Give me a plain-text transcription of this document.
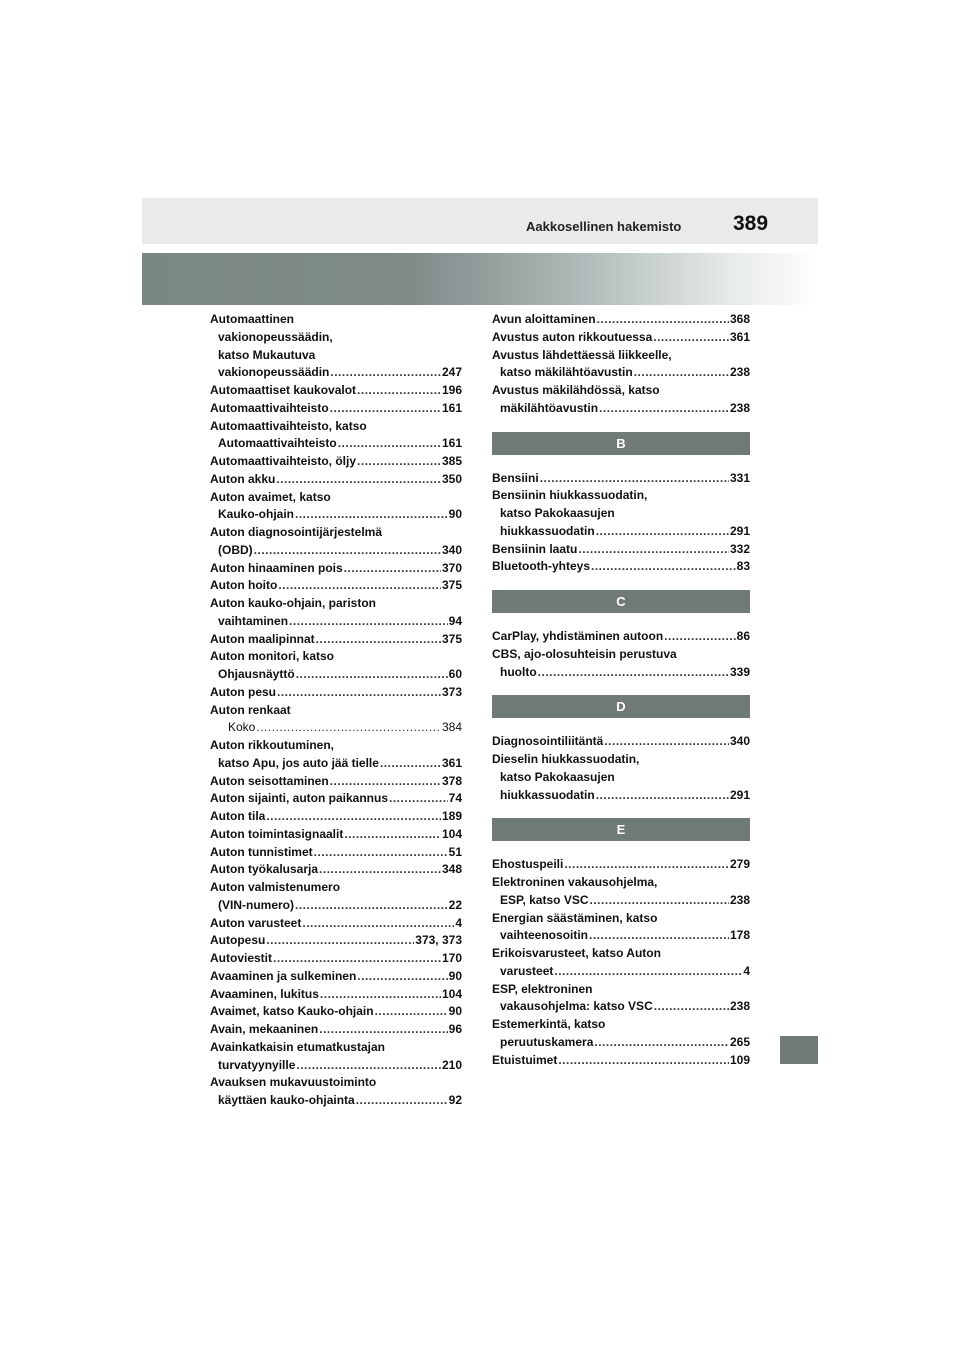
Aakkosellinen hakemisto 389
Automaattinen
vakionopeussäädin,
katso Mukautuva
vakionopeussäädin .....	247
Automaattiset kaukovalot .....	196
Automaattivaihteisto .....	161
Automaattivaihteisto, katso
Automaattivaihteisto .....	161
Automaattivaihteisto, öljy .....	385
Auton akku .....	350
Auton avaimet, katso
Kauko-ohjain .....	90
Auton diagnosointijärjestelmä
(OBD) .....	340
Auton hinaaminen pois .....	370
Auton hoito .....	375
Auton kauko-ohjain, pariston
vaihtaminen .....	94
Auton maalipinnat .....	375
Auton monitori, katso
Ohjausnäyttö .....	60
Auton pesu .....	373
Auton renkaat
Koko .....	384
Auton rikkoutuminen,
katso Apu, jos auto jää tielle .....	361
Auton seisottaminen .....	378
Auton sijainti, auton paikannus .....	74
Auton tila .....	189
Auton toimintasignaalit .....	104
Auton tunnistimet .....	51
Auton työkalusarja .....	348
Auton valmistenumero
(VIN-numero) .....	22
Auton varusteet .....	4
Autopesu .....	373, 373
Autoviestit .....	170
Avaaminen ja sulkeminen .....	90
Avaaminen, lukitus .....	104
Avaimet, katso Kauko-ohjain .....	90
Avain, mekaaninen .....	96
Avainkatkaisin etumatkustajan
turvatyynyille .....	210
Avauksen mukavuustoiminto
käyttäen kauko-ohjainta .....	92
Avun aloittaminen .....	368
Avustus auton rikkoutuessa .....	361
Avustus lähdettäessä liikkeelle,
katso mäkilähtöavustin .....	238
Avustus mäkilähdössä, katso
mäkilähtöavustin .....	238
B
Bensiini .....	331
Bensiinin hiukkassuodatin,
katso Pakokaasujen
hiukkassuodatin .....	291
Bensiinin laatu .....	332
Bluetooth-yhteys .....	83
C
CarPlay, yhdistäminen autoon .....	86
CBS, ajo-olosuhteisin perustuva
huolto .....	339
D
Diagnosointiliitäntä .....	340
Dieselin hiukkassuodatin,
katso Pakokaasujen
hiukkassuodatin .....	291
E
Ehostuspeili .....	279
Elektroninen vakausohjelma,
ESP, katso VSC .....	238
Energian säästäminen, katso
vaihteenosoitin .....	178
Erikoisvarusteet, katso Auton
varusteet .....	4
ESP, elektroninen
vakausohjelma: katso VSC .....	238
Estemerkintä, katso
peruutuskamera .....	265
Etuistuimet .....	109
